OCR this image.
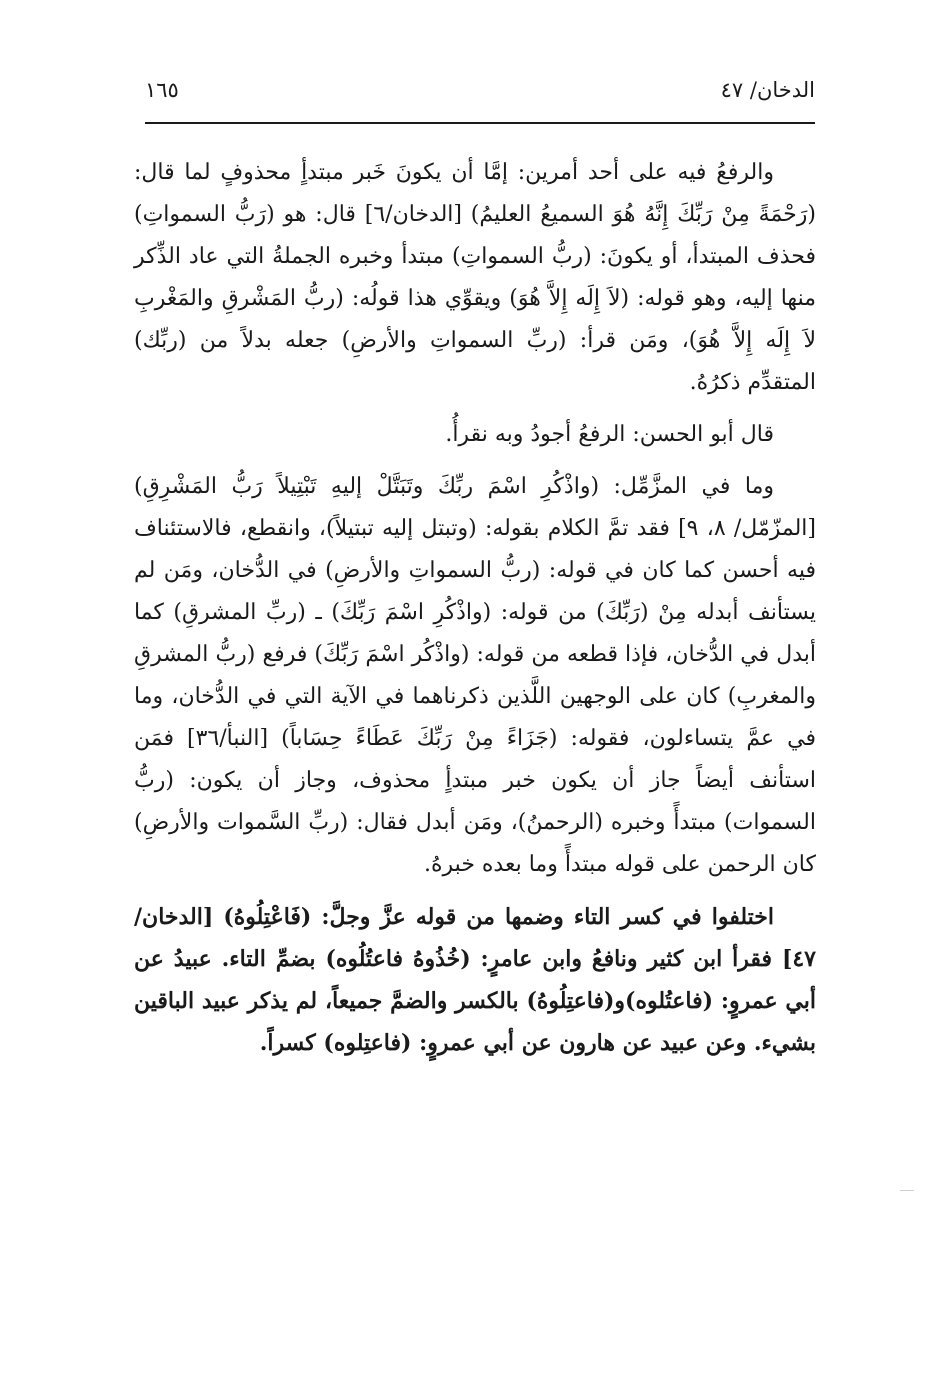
الدخان/ ٤٧
١٦٥

والرفعُ فيه على أحد أمرين: إمَّا أن يكونَ خَبر مبتدأٍ محذوفٍ لما قال: (رَحْمَةً مِنْ رَبِّكَ إِنَّهُ هُوَ السميعُ العليمُ) [الدخان/٦] قال: هو (رَبُّ السمواتِ) فحذف المبتدأ، أو يكونَ: (ربُّ السمواتِ) مبتدأ وخبره الجملةُ التي عاد الذِّكر منها إليه، وهو قوله: (لاَ إِلَه إِلاَّ هُوَ) ويقوِّي هذا قولُه: (ربُّ المَشْرقِ والمَغْربِ لاَ إِلَه إِلاَّ هُوَ)، ومَن قرأ: (ربِّ السمواتِ والأرضِ) جعله بدلاً من (ربِّك) المتقدِّم ذكرُهُ.

قال أبو الحسن: الرفعُ أجودُ وبه نقرأُ.

وما في المزَّمِّل: (واذْكُرِ اسْمَ ربِّكَ وتَبَتَّلْ إليهِ تَبْتِيلاً رَبُّ المَشْرِقِ) [المزّمّل/ ٨، ٩] فقد تمَّ الكلام بقوله: (وتبتل إليه تبتيلاً)، وانقطع، فالاستئناف فيه أحسن كما كان في قوله: (ربُّ السمواتِ والأرضِ) في الدُّخان، ومَن لم يستأنف أبدله مِنْ (رَبِّكَ) من قوله: (واذْكُرِ اسْمَ رَبِّكَ) ـ (ربِّ المشرقِ) كما أبدل في الدُّخان، فإذا قطعه من قوله: (واذْكُر اسْمَ رَبِّكَ) فرفع (ربُّ المشرقِ والمغربِ) كان على الوجهين اللَّذين ذكرناهما في الآية التي في الدُّخان، وما في عمَّ يتساءلون، فقوله: (جَزَاءً مِنْ رَبِّكَ عَطَاءً حِسَاباً) [النبأ/٣٦] فمَن استأنف أيضاً جاز أن يكون خبر مبتدأٍ محذوف، وجاز أن يكون: (ربُّ السموات) مبتدأً وخبره (الرحمنُ)، ومَن أبدل فقال: (ربِّ السَّموات والأرضِ) كان الرحمن على قوله مبتدأً وما بعده خبرهُ.

اختلفوا في كسر التاء وضمها من قوله عزَّ وجلَّ: (فَاعْتِلُوهُ) [الدخان/٤٧] فقرأ ابن كثير ونافعُ وابن عامرٍ: (خُذُوهُ فاعتُلُوه) بضمِّ التاء. عبيدُ عن أبي عمروٍ: (فاعتُلوه)و(فاعتِلُوهُ) بالكسر والضمَّ جميعاً، لم يذكر عبيد الباقين بشيء. وعن عبيد عن هارون عن أبي عمروٍ: (فاعتِلوه) كسراً.
